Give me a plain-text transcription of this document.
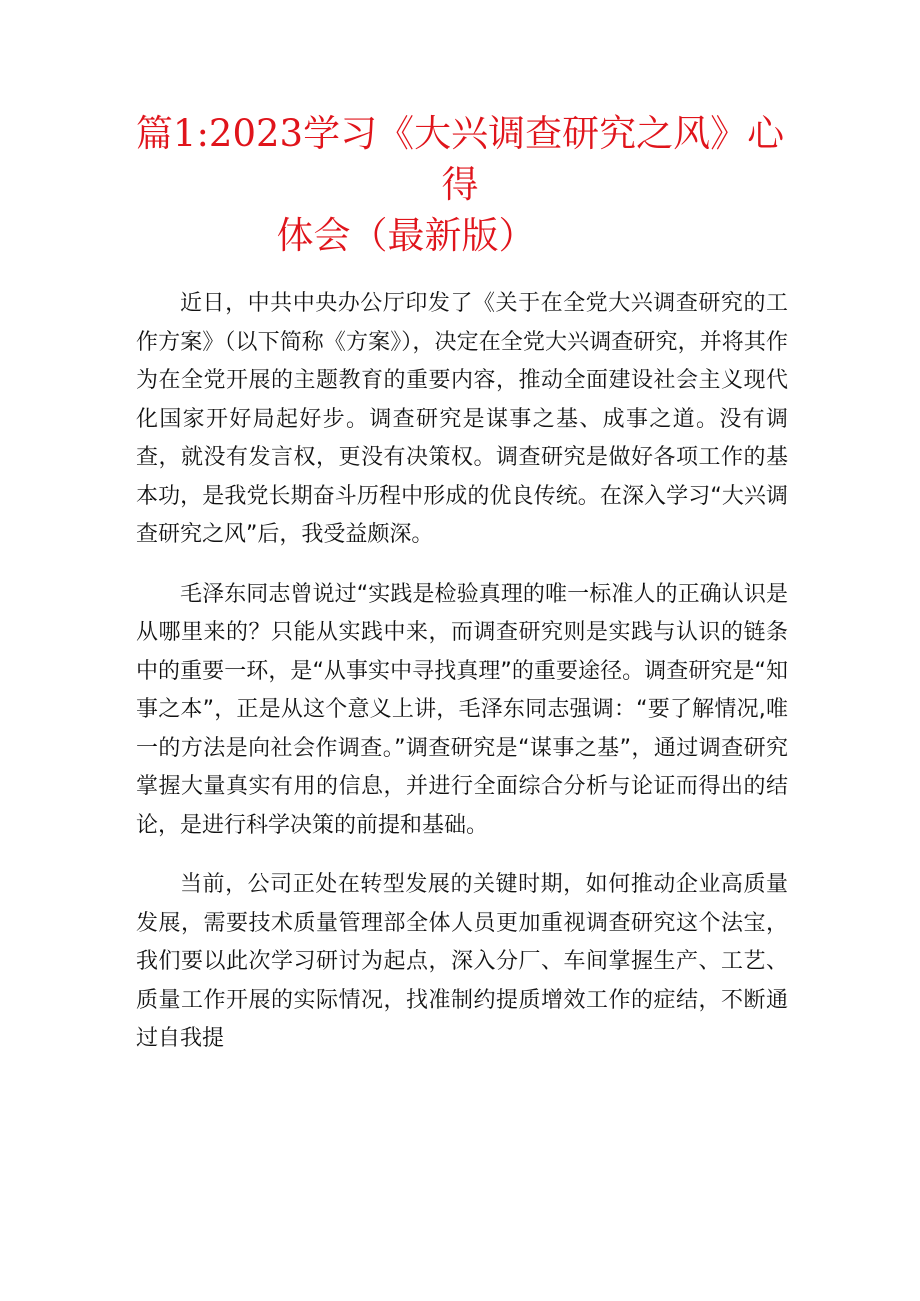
篇1:2023学习《大兴调查研究之风》心得
体会（最新版）

近日，中共中央办公厅印发了《关于在全党大兴调查研究的工作方案》（以下简称《方案》），决定在全党大兴调查研究，并将其作为在全党开展的主题教育的重要内容，推动全面建设社会主义现代化国家开好局起好步。调查研究是谋事之基、成事之道。没有调查，就没有发言权，更没有决策权。调查研究是做好各项工作的基本功，是我党长期奋斗历程中形成的优良传统。在深入学习“大兴调查研究之风”后，我受益颇深。

毛泽东同志曾说过“实践是检验真理的唯一标准人的正确认识是从哪里来的？只能从实践中来，而调查研究则是实践与认识的链条中的重要一环，是“从事实中寻找真理”的重要途径。调查研究是“知事之本”，正是从这个意义上讲，毛泽东同志强调：“要了解情况,唯一的方法是向社会作调查。”调查研究是“谋事之基”，通过调查研究掌握大量真实有用的信息，并进行全面综合分析与论证而得出的结论，是进行科学决策的前提和基础。

当前，公司正处在转型发展的关键时期，如何推动企业高质量发展，需要技术质量管理部全体人员更加重视调查研究这个法宝，我们要以此次学习研讨为起点，深入分厂、车间掌握生产、工艺、质量工作开展的实际情况，找准制约提质增效工作的症结，不断通过自我提
